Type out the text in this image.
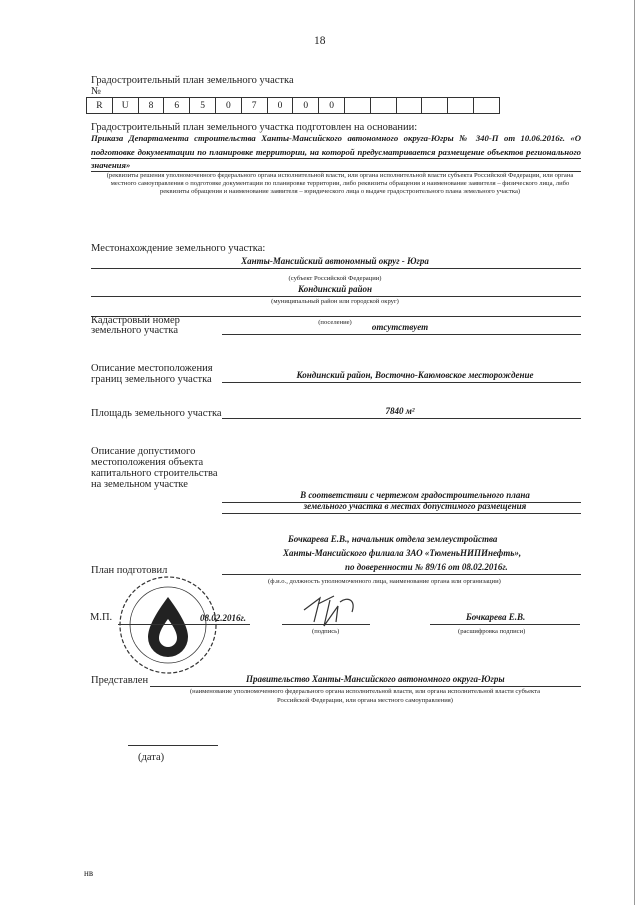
18
Градостроительный план земельного участка
№
R	U	8	6	5	0	7	0	0	0						
Градостроительный план земельного участка подготовлен на основании:
Приказа Департамента строительства Ханты-Мансийского автономного округа-Югры № 340-П от 10.06.2016г. «О подготовке документации по планировке территории, на которой предусматривается размещение объектов регионального значения»
(реквизиты решения уполномоченного федерального органа исполнительной власти, или органа исполнительной власти субъекта Российской Федерации, или органа местного самоуправления о подготовке документации по планировке территории, либо реквизиты обращения и наименование заявителя – физического лица, либо реквизиты обращения и наименование заявителя – юридического лица о выдаче градостроительного плана земельного участка)
Местонахождение земельного участка:
Ханты-Мансийский автономный округ - Югра
(субъект Российской Федерации)
Кондинский район
(муниципальный район или городской округ)
(поселение)
Кадастровый номер
земельного участка	отсутствует
Описание местоположения
границ земельного участка	Кондинский район, Восточно-Каюмовское месторождение
Площадь земельного участка	7840 м²
Описание допустимого
местоположения объекта
капитального строительства
на земельном участке
В соответствии с чертежом градостроительного плана
земельного участка в местах допустимого размещения
Бочкарева Е.В., начальник отдела землеустройства
Ханты-Мансийского филиала ЗАО «ТюменьНИПИнефть»,
по доверенности № 89/16 от 08.02.2016г.
План подготовил
(ф.и.о., должность уполномоченного лица, наименование органа или организации)
М.П.	08.02.2016г.
(подпись)
Бочкарева Е.В.
(расшифровка подписи)
Представлен	Правительство Ханты-Мансийского автономного округа-Югры
(наименование уполномоченного федерального органа исполнительной власти, или органа исполнительной власти субъекта
Российской Федерации, или органа местного самоуправления)
(дата)
нв
